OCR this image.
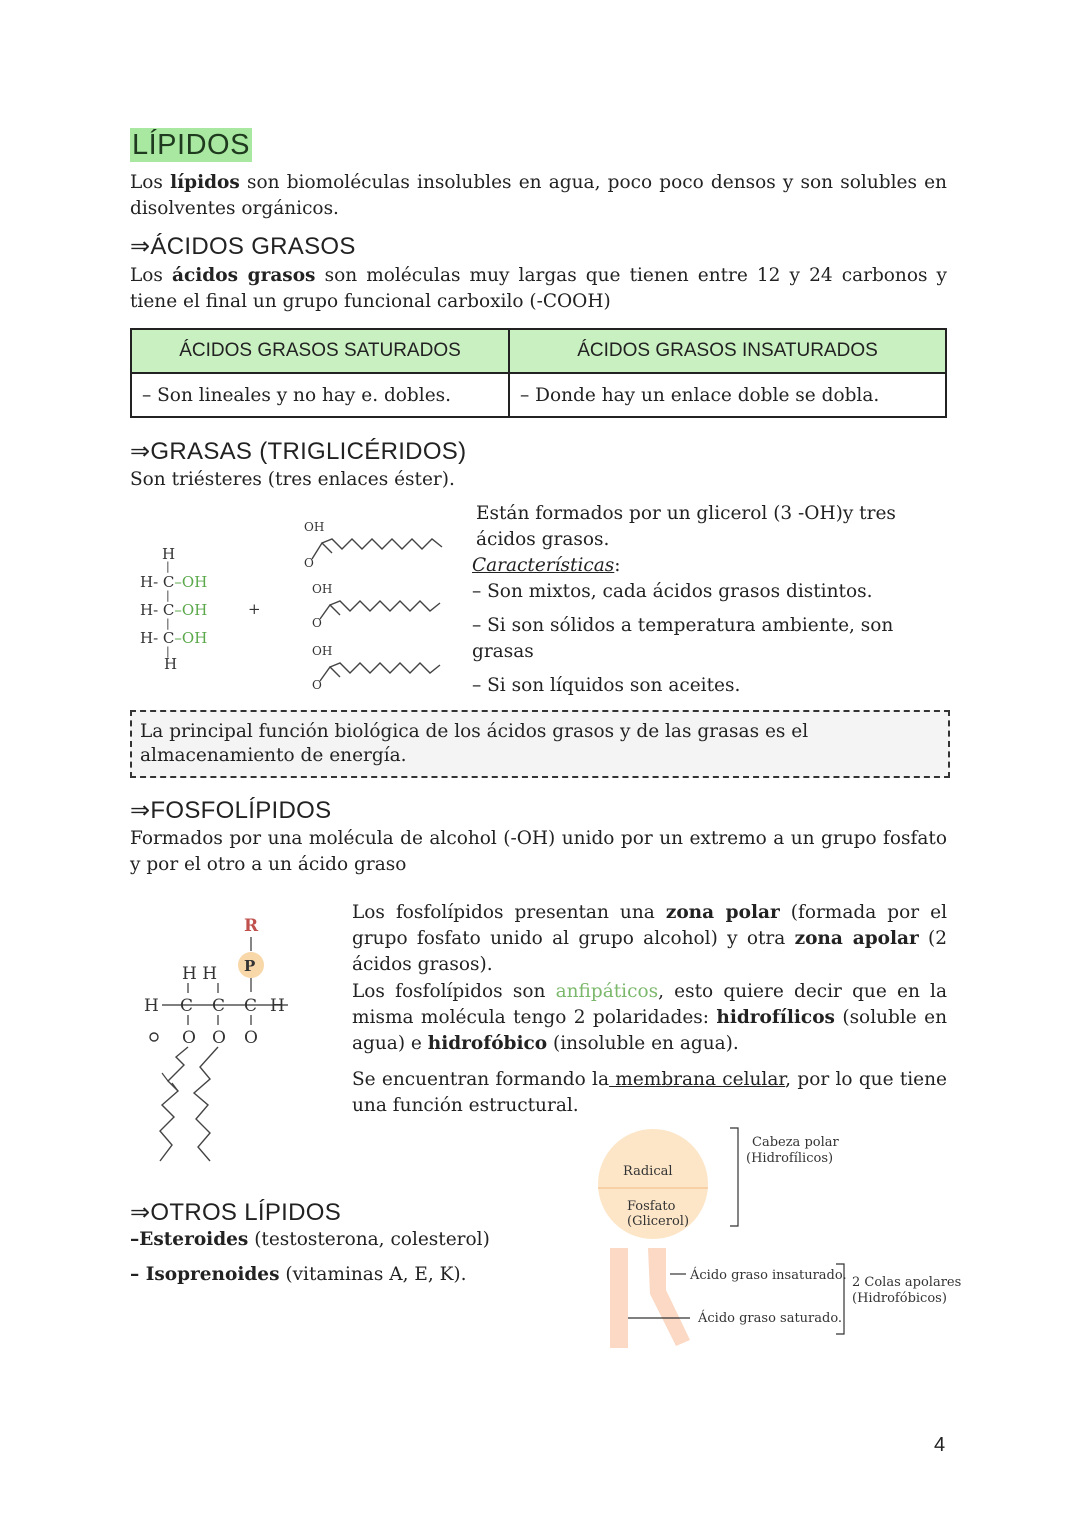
LÍPIDOS
Los lípidos son biomoléculas insolubles en agua, poco poco densos y son solubles en disolventes orgánicos.
⇒ÁCIDOS GRASOS
Los ácidos grasos son moléculas muy largas que tienen entre 12 y 24 carbonos y tiene el final un grupo funcional carboxilo (-COOH)
ÁCIDOS GRASOS SATURADOS	ÁCIDOS GRASOS INSATURADOS
– Son lineales y no hay e. dobles.	– Donde hay un enlace doble se dobla.
⇒GRASAS (TRIGLICÉRIDOS)
Son triésteres (tres enlaces éster).
H
|
H- C–OH
|
H- C–OH
|
H- C–OH
|
H
+
OH
O
OH
O
OH
O
Están formados por un glicerol (3 -OH)y tres ácidos grasos.
Características:
– Son mixtos, cada ácidos grasos distintos.
– Si son sólidos a temperatura ambiente, son grasas
– Si son líquidos son aceites.
La principal función biológica de los ácidos grasos y de las grasas es el almacenamiento de energía.
⇒FOSFOLÍPIDOS
Formados por una molécula de alcohol (-OH) unido por un extremo a un grupo fosfato y por el otro a un ácido graso
R
P
H H
H C C C H
O O O
Los fosfolípidos presentan una zona polar (formada por el grupo fosfato unido al grupo alcohol) y otra zona apolar (2 ácidos grasos).
Los fosfolípidos son anfipáticos, esto quiere decir que en la misma molécula tengo 2 polaridades: hidrofílicos (soluble en agua) e hidrofóbico (insoluble en agua).
Se encuentran formando la membrana celular, por lo que tiene una función estructural.
Radical
Fosfato
(Glicerol)
Cabeza polar
(Hidrofílicos)
Ácido graso insaturado.
Ácido graso saturado.
2 Colas apolares
(Hidrofóbicos)
⇒OTROS LÍPIDOS
–Esteroides (testosterona, colesterol)
– Isoprenoides (vitaminas A, E, K).
4
